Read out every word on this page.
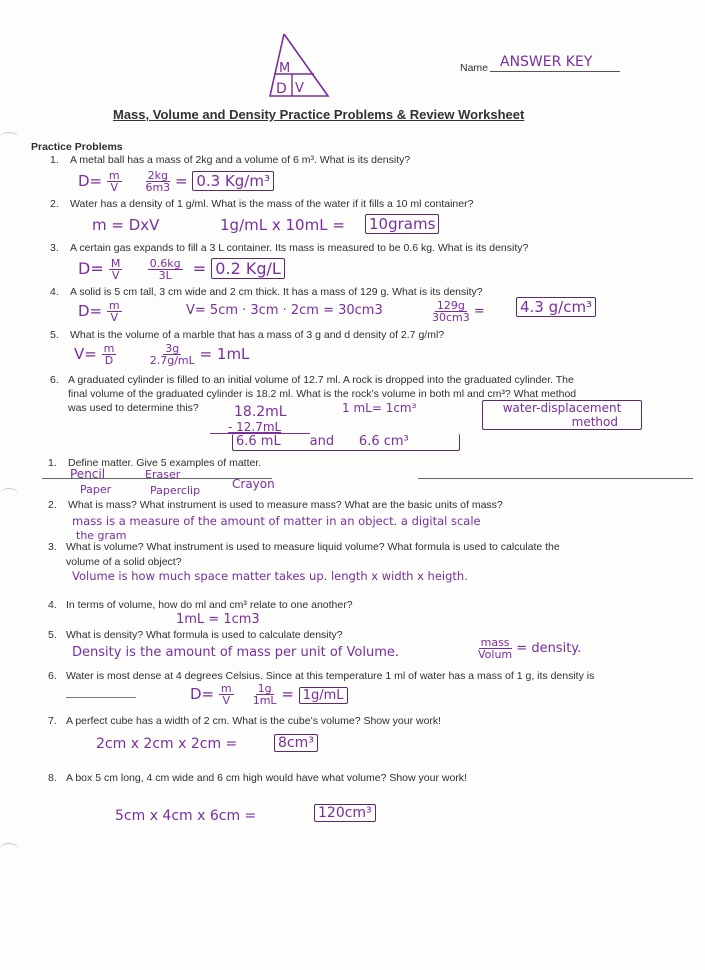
M
D V
Name ANSWER KEY
Mass, Volume and Density Practice Problems & Review Worksheet
Practice Problems
1. A metal ball has a mass of 2kg and a volume of 6 m³. What is its density?
$D= \frac{m}{V}$
$\frac{2kg}{6m3} = 0.3$ Kg/m³
2. Water has a density of 1 g/ml. What is the mass of the water if it fills a 10 ml container?
m = DxV	1g/mL x 10mL = 10grams
3. A certain gas expands to fill a 3 L container. Its mass is measured to be 0.6 kg. What is its density?
$D= \frac{M}{V}$
$\frac{0.6kg}{3L} = 0.2$ Kg/L
4. A solid is 5 cm tall, 3 cm wide and 2 cm thick. It has a mass of 129 g. What is its density?
$D= \frac{m}{V}$	V= 5cm · 3cm · 2cm = 30cm3	$\frac{129g}{30cm3} = 4.3$ g/cm³
5. What is the volume of a marble that has a mass of 3 g and d density of 2.7 g/ml?
$V= \frac{m}{D}$
	$\frac{3g}{2.7g/mL} = 1mL$
6. A graduated cylinder is filled to an initial volume of 12.7 ml. A rock is dropped into the graduated cylinder. The
final volume of the graduated cylinder is 18.2 ml. What is the rock’s volume in both ml and cm³? What method
was used to determine this?	18.2mL
- 12.7mL
1 mL= 1cm³
6.6 mL and 6.6 cm³
water-displacement
method
1. Define matter. Give 5 examples of matter.
Pencil	Eraser
Crayon
Paper	Paperclip
2. What is mass? What instrument is used to measure mass? What are the basic units of mass?
mass is a measure of the amount of matter in an object. a digital scale
the gram
3. What is volume? What instrument is used to measure liquid volume? What formula is used to calculate the
volume of a solid object?
Volume is how much space matter takes up. length x width x heigth.
4. In terms of volume, how do ml and cm³ relate to one another?
1mL = 1cm3
5. What is density? What formula is used to calculate density?
Density is the amount of mass per unit of Volume.	$\frac{\text{mass}}{\text{Volum}}$ = density.
6. Water is most dense at 4 degrees Celsius. Since at this temperature 1 ml of water has a mass of 1 g, its density is
$D= \frac{m}{V}$
$\frac{1g}{1mL} = 1g/mL$
7. A perfect cube has a width of 2 cm. What is the cube’s volume? Show your work!
2cm x 2cm x 2cm =	8cm³
8. A box 5 cm long, 4 cm wide and 6 cm high would have what volume? Show your work!
5cm x 4cm x 6cm =	120cm³
